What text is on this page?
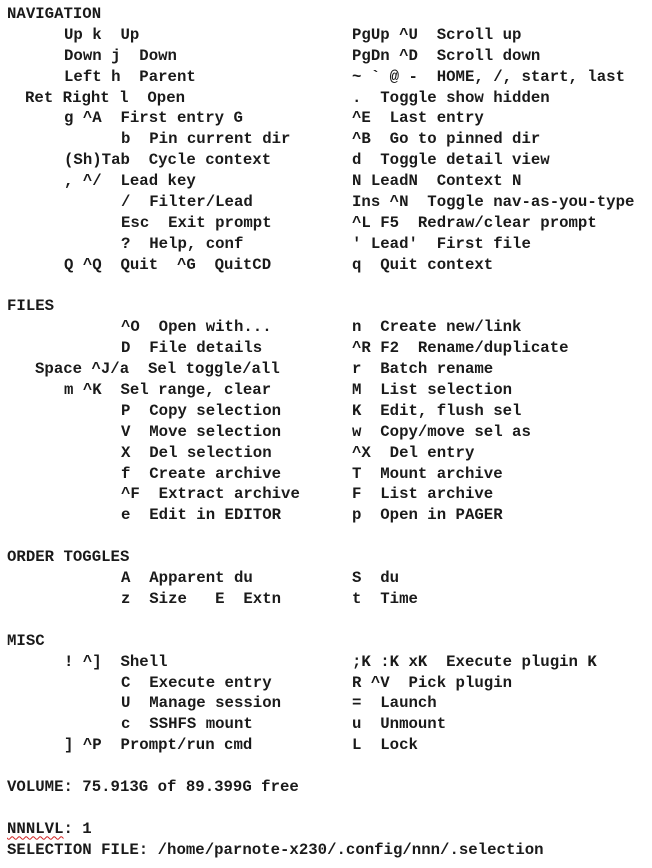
NAVIGATION
Up k  Up	PgUp ^U  Scroll up
Down j  Down	PgDn ^D  Scroll down
Left h  Parent	~ ` @ -  HOME, /, start, last
Ret Right l  Open	.  Toggle show hidden
g ^A  First entry G	^E  Last entry
b  Pin current dir	^B  Go to pinned dir
(Sh)Tab  Cycle context	d  Toggle detail view
, ^/  Lead key	N LeadN  Context N
/  Filter/Lead	Ins ^N  Toggle nav-as-you-type
Esc  Exit prompt	^L F5  Redraw/clear prompt
?  Help, conf	' Lead'  First file
Q ^Q  Quit  ^G  QuitCD	q  Quit context
FILES
^O  Open with...	n  Create new/link
D  File details	^R F2  Rename/duplicate
Space ^J/a  Sel toggle/all	r  Batch rename
m ^K  Sel range, clear	M  List selection
P  Copy selection	K  Edit, flush sel
V  Move selection	w  Copy/move sel as
X  Del selection	^X  Del entry
f  Create archive	T  Mount archive
^F  Extract archive	F  List archive
e  Edit in EDITOR	p  Open in PAGER
ORDER TOGGLES
A  Apparent du	S  du
z  Size   E  Extn	t  Time
MISC
! ^]  Shell	;K :K xK  Execute plugin K
C  Execute entry	R ^V  Pick plugin
U  Manage session	=  Launch
c  SSHFS mount	u  Unmount
] ^P  Prompt/run cmd	L  Lock
VOLUME: 75.913G of 89.399G free
NNNLVL: 1
SELECTION FILE: /home/parnote-x230/.config/nnn/.selection
